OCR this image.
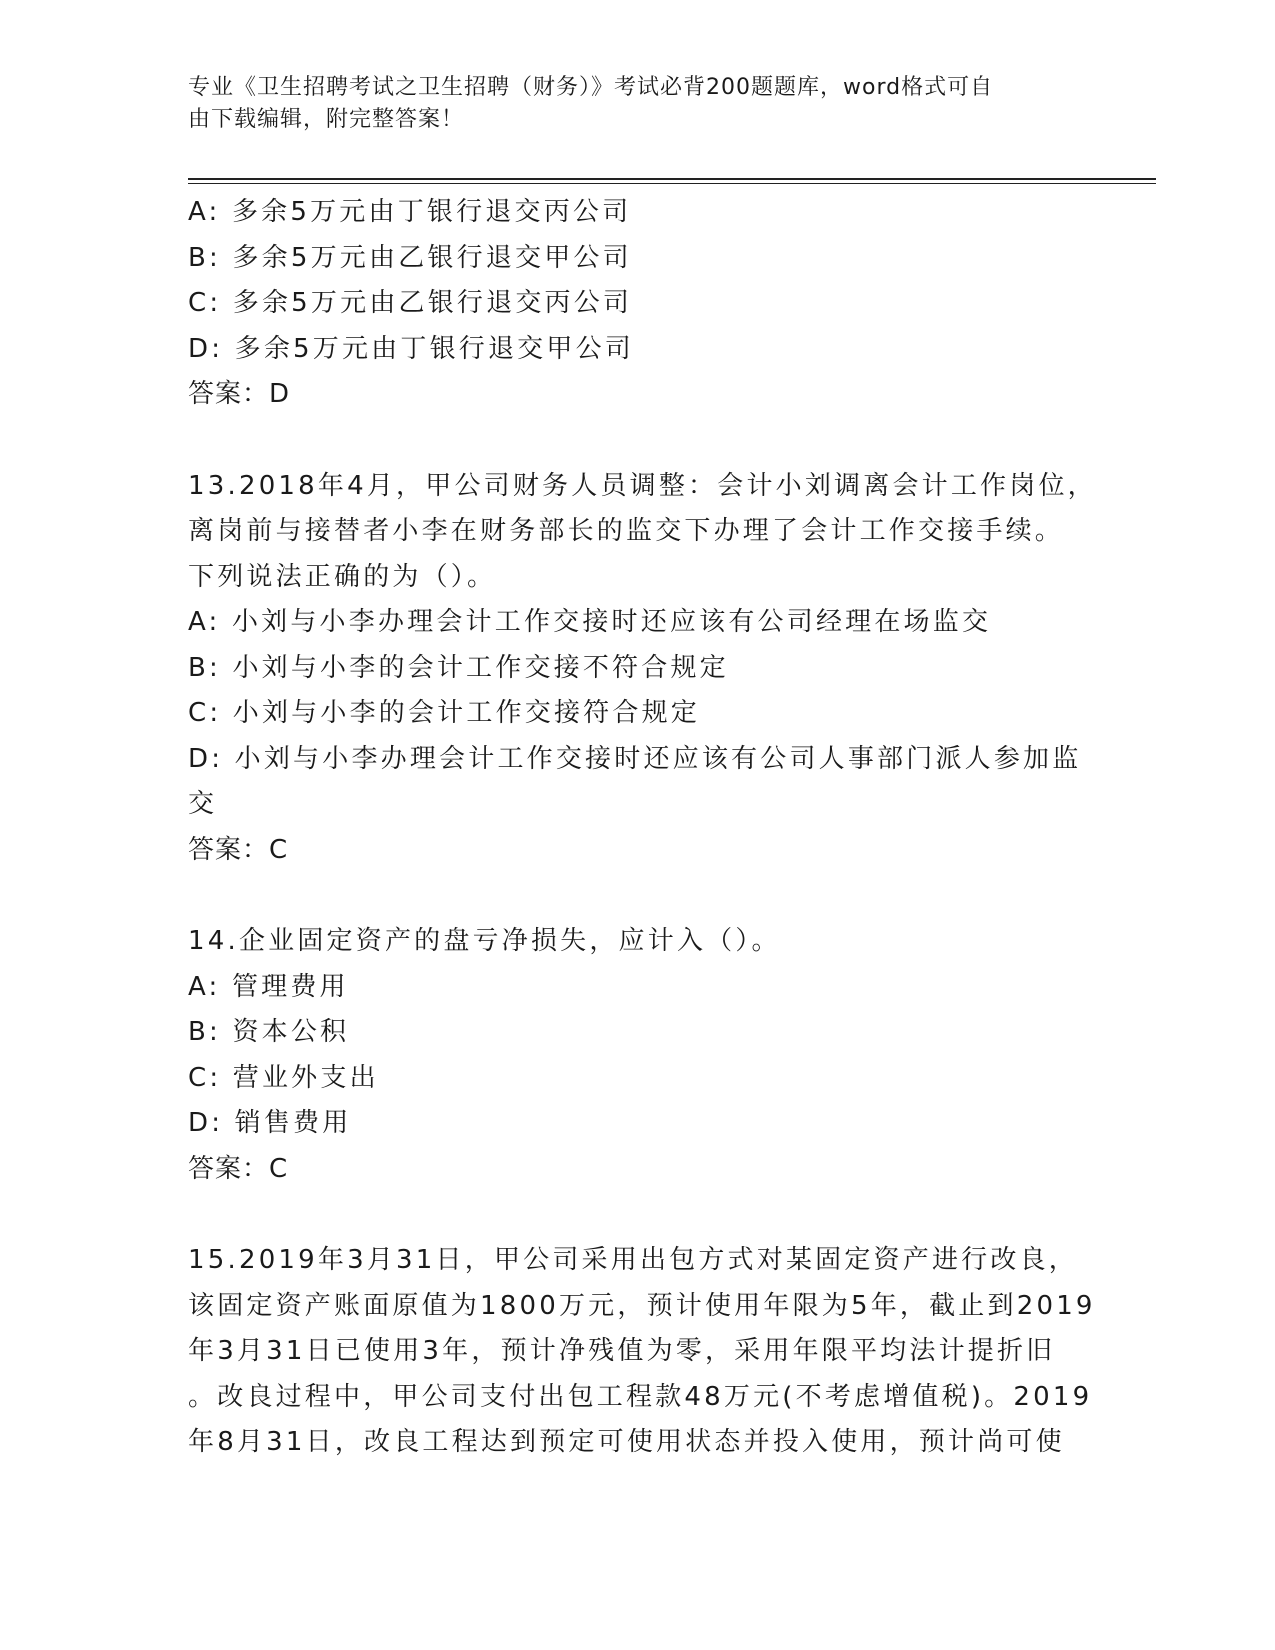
专业《卫生招聘考试之卫生招聘（财务）》考试必背200题题库，word格式可自
由下载编辑，附完整答案！
A: 多余5万元由丁银行退交丙公司
B: 多余5万元由乙银行退交甲公司
C: 多余5万元由乙银行退交丙公司
D: 多余5万元由丁银行退交甲公司
答案：D
13.2018年4月，甲公司财务人员调整：会计小刘调离会计工作岗位，
离岗前与接替者小李在财务部长的监交下办理了会计工作交接手续。
下列说法正确的为（）。
A: 小刘与小李办理会计工作交接时还应该有公司经理在场监交
B: 小刘与小李的会计工作交接不符合规定
C: 小刘与小李的会计工作交接符合规定
D: 小刘与小李办理会计工作交接时还应该有公司人事部门派人参加监
交
答案：C
14.企业固定资产的盘亏净损失，应计入（）。
A: 管理费用
B: 资本公积
C: 营业外支出
D: 销售费用
答案：C
15.2019年3月31日，甲公司采用出包方式对某固定资产进行改良，
该固定资产账面原值为1800万元，预计使用年限为5年，截止到2019
年3月31日已使用3年，预计净残值为零，采用年限平均法计提折旧
。改良过程中，甲公司支付出包工程款48万元(不考虑增值税)。2019
年8月31日，改良工程达到预定可使用状态并投入使用，预计尚可使
